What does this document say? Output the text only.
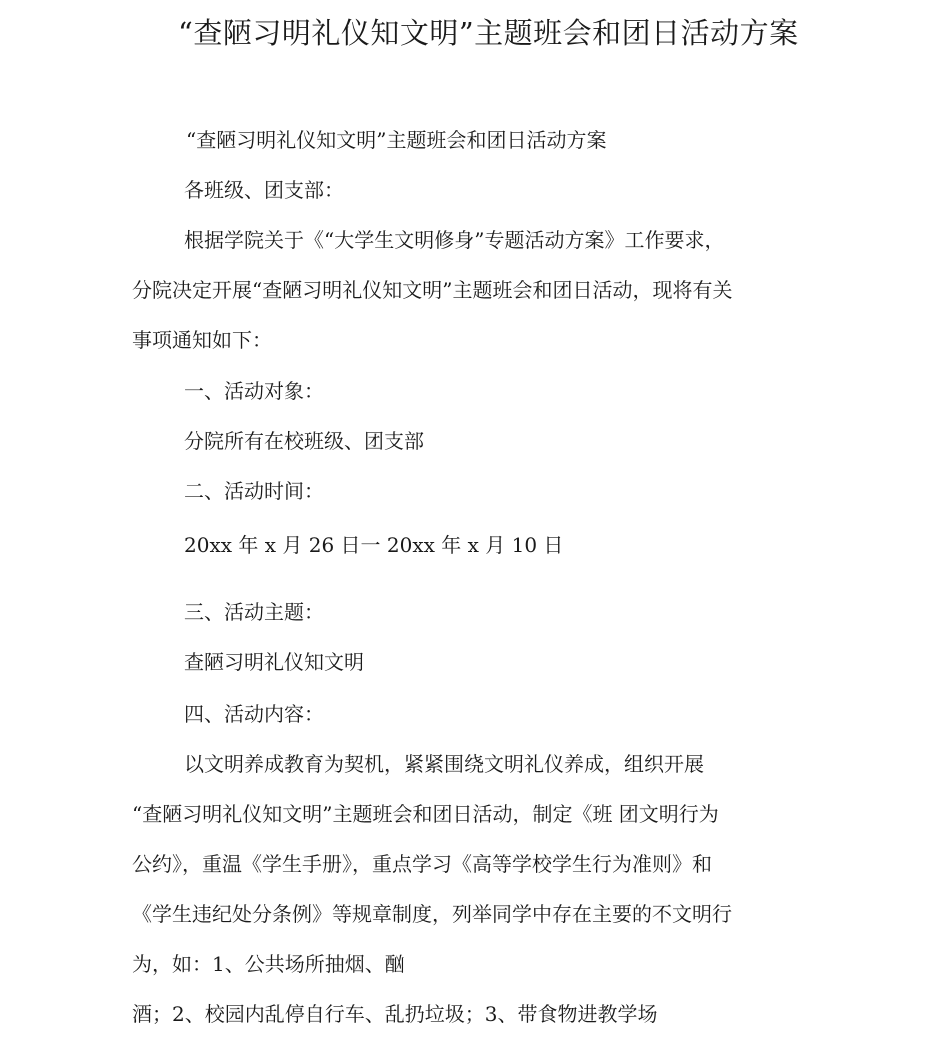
“查陋习明礼仪知文明”主题班会和团日活动方案

“查陋习明礼仪知文明”主题班会和团日活动方案

各班级、团支部：

根据学院关于《“大学生文明修身”专题活动方案》工作要求，

分院决定开展“查陋习明礼仪知文明”主题班会和团日活动，现将有关

事项通知如下：

一、活动对象：

分院所有在校班级、团支部

二、活动时间：

20xx 年 x 月 26 日一 20xx 年 x 月 10 日

三、活动主题：

查陋习明礼仪知文明

四、活动内容：

以文明养成教育为契机，紧紧围绕文明礼仪养成，组织开展

“查陋习明礼仪知文明”主题班会和团日活动，制定《班 团文明行为

公约》，重温《学生手册》，重点学习《高等学校学生行为准则》和

《学生违纪处分条例》等规章制度，列举同学中存在主要的不文明行

为，如：1、公共场所抽烟、酗

酒；2、校园内乱停自行车、乱扔垃圾；3、带食物进教学场
